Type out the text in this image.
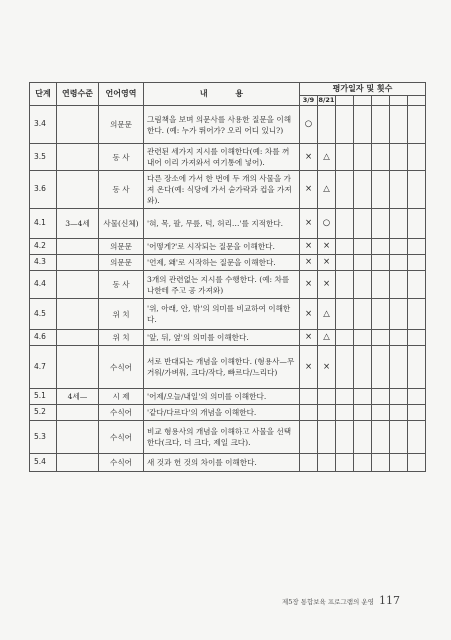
단계	연령수준	언어영역	내          용	평가일자 및 횟수						
				3/9	8/21					
3.4		의문문	그림책을 보며 의문사를 사용한 질문을 이해한다. (예: 누가 뛰어가? 오리 어디 있니?)	○						
3.5		동 사	관련된 세가지 지시를 이해한다(예: 차를 꺼내어 이리 가져와서 여기통에 넣어).	×	△					
3.6		동 사	다른 장소에 가서 한 번에 두 개의 사물을 가져 온다(예: 식당에 가서 숟가락과 컵을 가져 와).	×	△					
4.1	3—4세	사물(신체)	'혀, 목, 팔, 무릎, 턱, 허리…'를 지적한다.	×	○					
4.2		의문문	'어떻게?'로 시작되는 질문을 이해한다.	×	×					
4.3		의문문	'언제, 왜'로 시작하는 질문을 이해한다.	×	×					
4.4		동 사	3개의 관련없는 지시를 수행한다. (예: 차를 나한테 주고 공 가져와)	×	×					
4.5		위 치	'위, 아래, 안, 밖'의 의미를 비교하여 이해한다.	×	△					
4.6		위 치	'앞, 뒤, 옆'의 의미를 이해한다.	×	△					
4.7		수식어	서로 반대되는 개념을 이해한다. (형용사—무거워/가벼워, 크다/작다, 빠르다/느리다)	×	×					
5.1	4세—	시 제	'어제/오늘/내일'의 의미를 이해한다.							
5.2		수식어	'같다/다르다'의 개념을 이해한다.							
5.3		수식어	비교 형용사의 개념을 이해하고 사물을 선택한다(크다, 더 크다, 제일 크다).							
5.4		수식어	새 것과 헌 것의 차이를 이해한다.							
제5장 통합보육 프로그램의 운영 117
